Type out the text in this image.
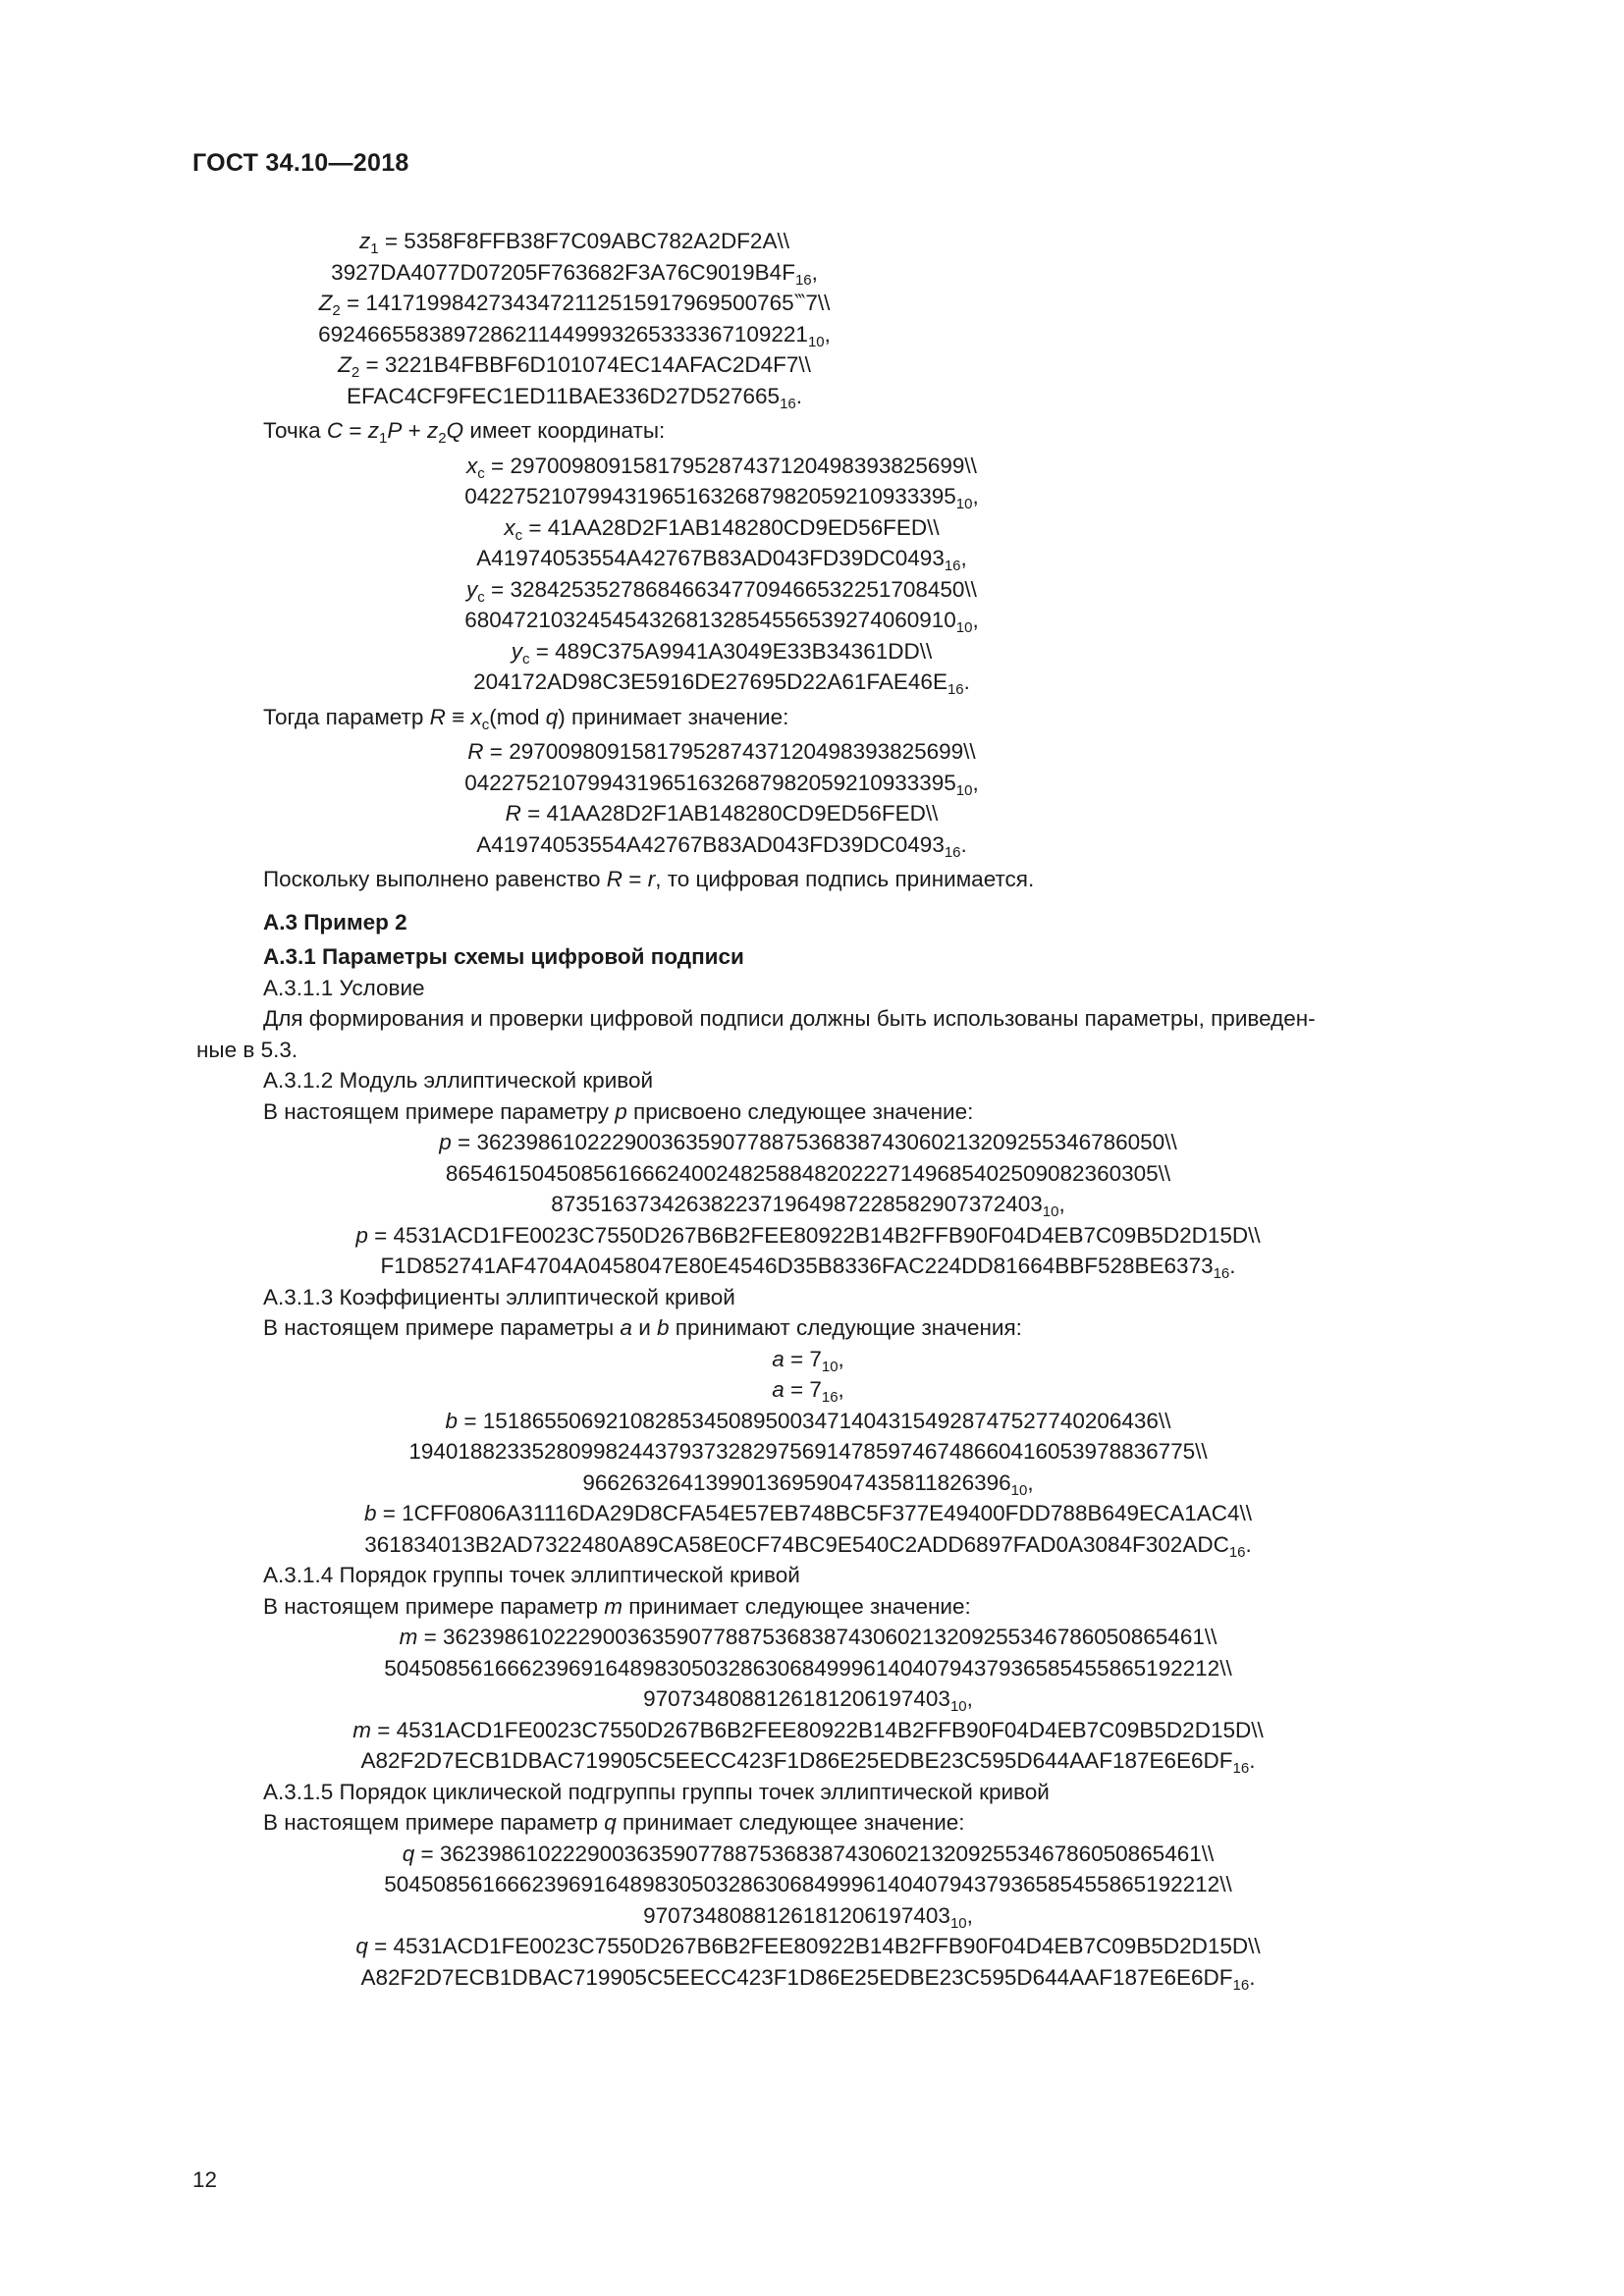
ГОСТ 34.10—2018
$z_1$ = 5358F8FFB38F7C09ABC782A2DF2A\\
$3927DA4077D07205F763682F3A76C9019B4F_{16}$,
$Z_2$ = 14171998427343472112515917969500765‷7\\
$6924665583897286211449993265333367109221_{10}$,
$Z_2$ = 3221B4FBBF6D101074EC14AFAC2D4F7\\
$EFAC4CF9FEC1ED11BAE336D27D527665_{16}$.
Точка $C = z_1P + z_2Q$ имеет координаты:
$x_c$ = 2970098091581795287437120498393825699\\
$0422752107994319651632687982059210933395_{10}$,
$x_c$ = 41AA28D2F1AB148280CD9ED56FED\\
$A41974053554A42767B83AD043FD39DC0493_{16}$,
$y_c$ = 3284253527868466347709466532251708450\\
$6804721032454543268132854556539274060910_{10}$,
$y_c$ = 489C375A9941A3049E33B34361DD\\
$204172AD98C3E5916DE27695D22A61FAE46E_{16}$.
Тогда параметр $R \equiv x_c(mod$ q) принимает значение:
R = 2970098091581795287437120498393825699\\
$0422752107994319651632687982059210933395_{10}$,
R = 41AA28D2F1AB148280CD9ED56FED\\
$A41974053554A42767B83AD043FD39DC0493_{16}$.
Поскольку выполнено равенство R = r, то цифровая подпись принимается.
А.3 Пример 2
А.3.1 Параметры схемы цифровой подписи
А.3.1.1 Условие
Для формирования и проверки цифровой подписи должны быть использованы параметры, приведен-
ные в 5.3.
А.3.1.2 Модуль эллиптической кривой
В настоящем примере параметру p присвоено следующее значение:
p = 36239861022290036359077887536838743060213209255346786050\\
8654615045085616662400248258848202227149685402509082360305\\
$8735163734263822371964987228582907372403_{10}$,
p = 4531ACD1FE0023C7550D267B6B2FEE80922B14B2FFB90F04D4EB7C09B5D2D15D\\
$F1D852741AF4704A0458047E80E4546D35B8336FAC224DD81664BBF528BE6373_{16}$.
А.3.1.3 Коэффициенты эллиптической кривой
В настоящем примере параметры a и b принимают следующие значения:
$a = 7_{10}$,
$a = 7_{16}$,
b = 1518655069210828534508950034714043154928747527740206436\\
1940188233528099824437937328297569147859746748660416053978836775\\
$96626326413990136959047435811826396_{10}$,
b = 1CFF0806A31116DA29D8CFA54E57EB748BC5F377E49400FDD788B649ECA1AC4\\
$361834013B2AD7322480A89CA58E0CF74BC9E540C2ADD6897FAD0A3084F302ADC_{16}$.
А.3.1.4 Порядок группы точек эллиптической кривой
В настоящем примере параметр m принимает следующее значение:
m = 36239861022290036359077887536838743060213209255346786050865461\\
50450856166623969164898305032863068499961404079437936585455865192212\\
$9707348088126181206197403_{10}$,
m = 4531ACD1FE0023C7550D267B6B2FEE80922B14B2FFB90F04D4EB7C09B5D2D15D\\
$A82F2D7ECB1DBAC719905C5EECC423F1D86E25EDBE23C595D644AAF187E6E6DF_{16}$.
А.3.1.5 Порядок циклической подгруппы группы точек эллиптической кривой
В настоящем примере параметр q принимает следующее значение:
q = 36239861022290036359077887536838743060213209255346786050865461\\
50450856166623969164898305032863068499961404079437936585455865192212\\
$9707348088126181206197403_{10}$,
q = 4531ACD1FE0023C7550D267B6B2FEE80922B14B2FFB90F04D4EB7C09B5D2D15D\\
$A82F2D7ECB1DBAC719905C5EECC423F1D86E25EDBE23C595D644AAF187E6E6DF_{16}$.
12
